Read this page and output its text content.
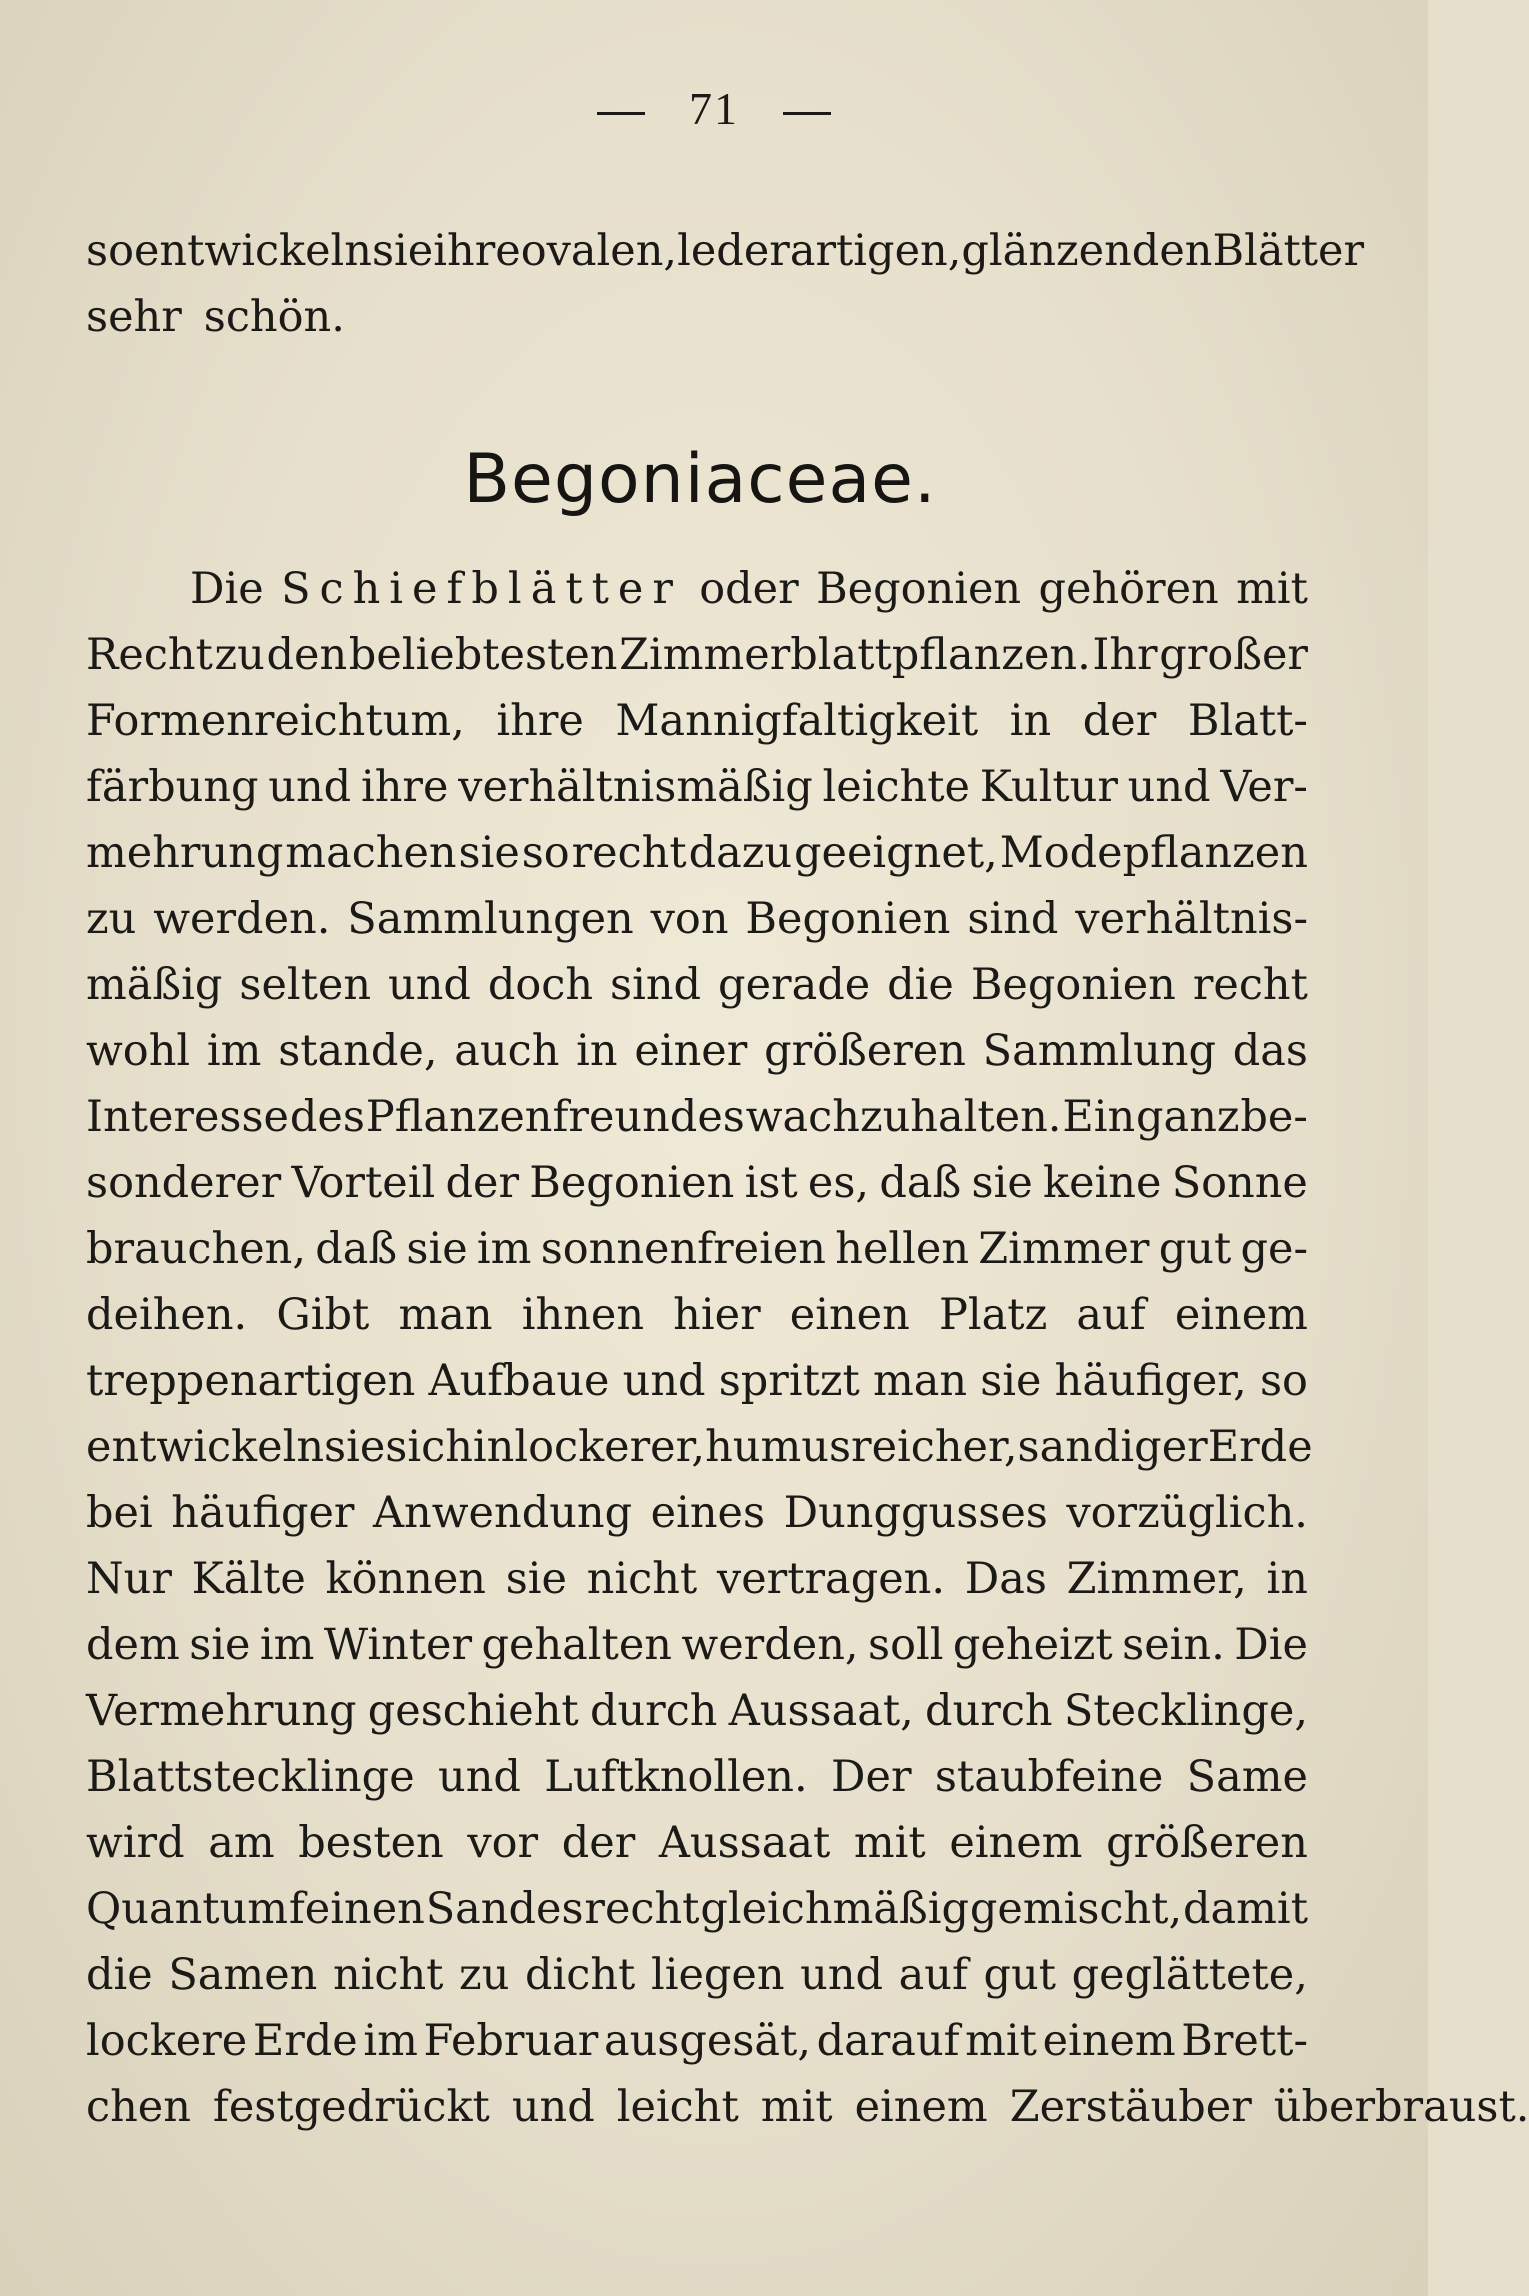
71
so entwickeln sie ihre ovalen, lederartigen, glänzenden Blätter
sehr schön.
Begoniaceae.
Die Schiefblätter oder Begonien gehören mit
Recht zu den beliebtesten Zimmerblattpflanzen. Ihr großer
Formenreichtum, ihre Mannigfaltigkeit in der Blatt-
färbung und ihre verhältnismäßig leichte Kultur und Ver-
mehrung machen sie so recht dazu geeignet, Modepflanzen
zu werden. Sammlungen von Begonien sind verhältnis-
mäßig selten und doch sind gerade die Begonien recht
wohl im stande, auch in einer größeren Sammlung das
Interesse des Pflanzenfreundes wachzuhalten. Ein ganz be-
sonderer Vorteil der Begonien ist es, daß sie keine Sonne
brauchen, daß sie im sonnenfreien hellen Zimmer gut ge-
deihen. Gibt man ihnen hier einen Platz auf einem
treppenartigen Aufbaue und spritzt man sie häufiger, so
entwickeln sie sich in lockerer, humusreicher, sandiger Erde
bei häufiger Anwendung eines Dunggusses vorzüglich.
Nur Kälte können sie nicht vertragen. Das Zimmer, in
dem sie im Winter gehalten werden, soll geheizt sein. Die
Vermehrung geschieht durch Aussaat, durch Stecklinge,
Blattstecklinge und Luftknollen. Der staubfeine Same
wird am besten vor der Aussaat mit einem größeren
Quantum feinen Sandes recht gleichmäßig gemischt, damit
die Samen nicht zu dicht liegen und auf gut geglättete,
lockere Erde im Februar ausgesät, darauf mit einem Brett-
chen festgedrückt und leicht mit einem Zerstäuber überbraust.
